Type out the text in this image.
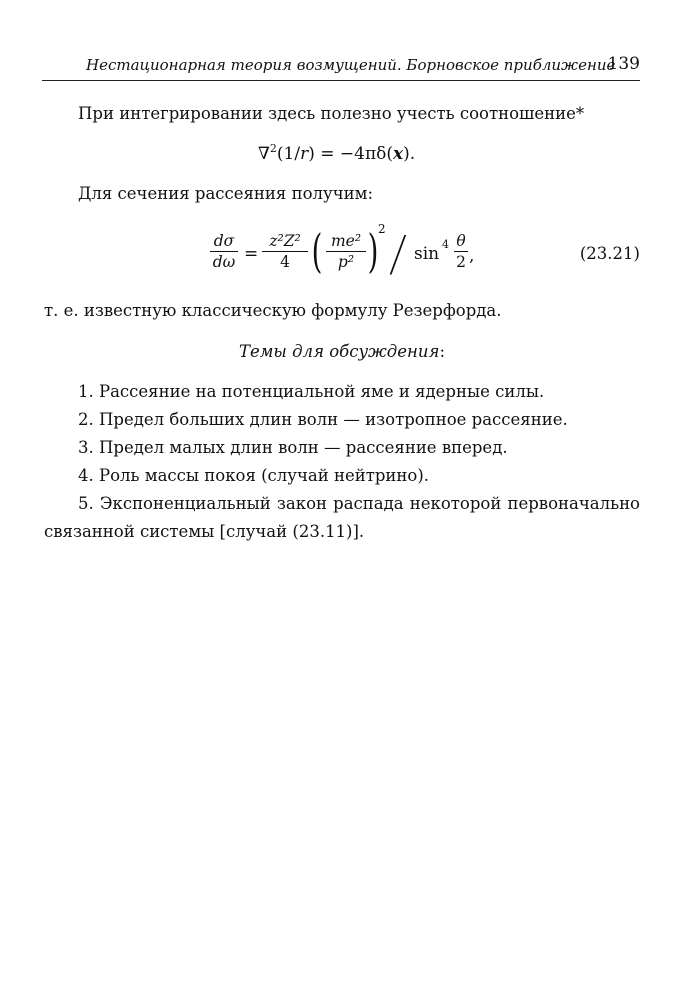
Нестационарная теория возмущений. Борновское приближение
139
При интегрировании здесь полезно учесть соотношение*
∇$^2$(1/r) = −4πδ(x).
Для сечения рассеяния получим:
$\frac{d\sigma}{d\omega} = \frac{\text{z²Z²}}{4}$ ( $\frac{\text{me²}}{\text{p²}}$ ) $2 / \sin 4 \frac{\theta}{2}$ ,	(23.21)
т. е. известную классическую формулу Резерфорда.
Темы для обсуждения:
1. Рассеяние на потенциальной яме и ядерные силы.
2. Предел больших длин волн — изотропное рассеяние.
3. Предел малых длин волн — рассеяние вперед.
4. Роль массы покоя (случай нейтрино).
5. Экспоненциальный закон распада некоторой первоначально связанной системы [случай (23.11)].
